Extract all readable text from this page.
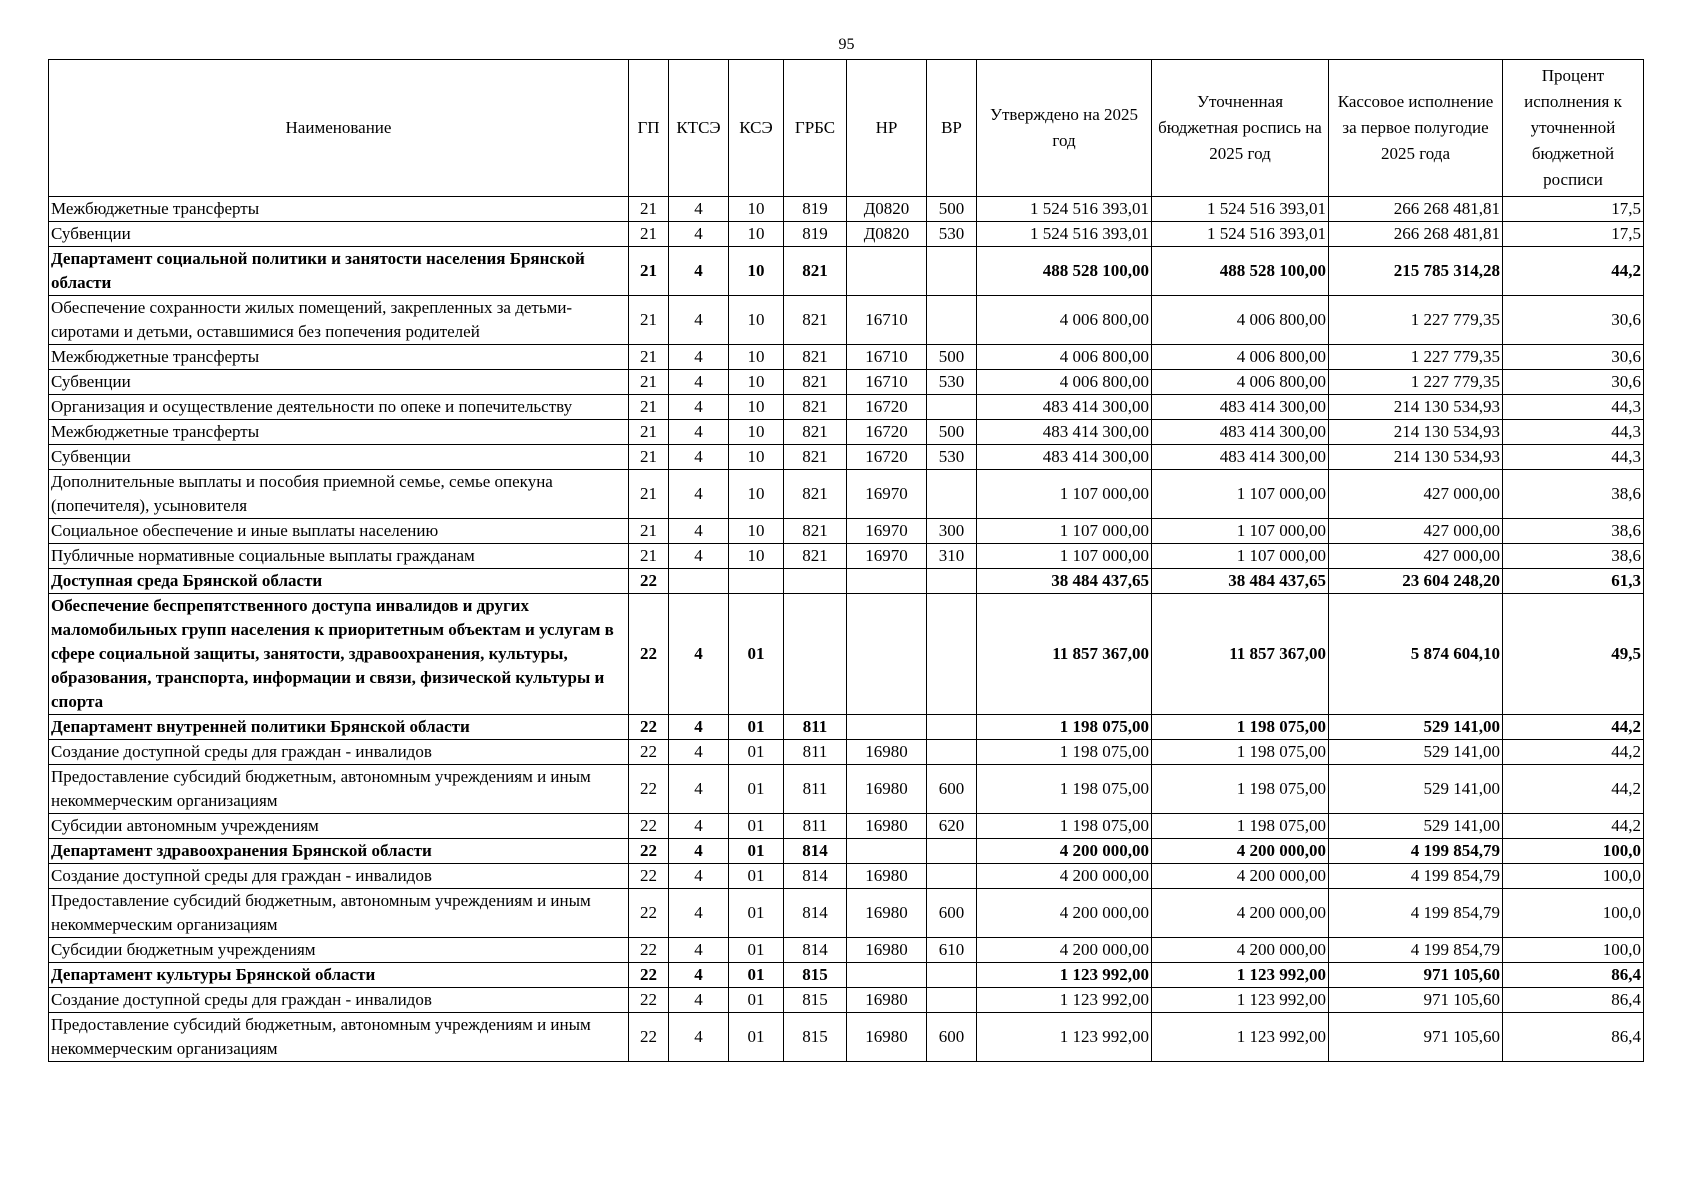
95
Наименование	ГП	КТСЭ	КСЭ	ГРБС	НР	ВР	Утверждено на 2025 год	Уточненная бюджетная роспись на 2025 год	Кассовое исполнение за первое полугодие 2025 года	Процент исполнения к уточненной бюджетной росписи
Межбюджетные трансферты	21	4	10	819	Д0820	500	1 524 516 393,01	1 524 516 393,01	266 268 481,81	17,5
Субвенции	21	4	10	819	Д0820	530	1 524 516 393,01	1 524 516 393,01	266 268 481,81	17,5
Департамент социальной политики и занятости населения Брянской области	21	4	10	821			488 528 100,00	488 528 100,00	215 785 314,28	44,2
Обеспечение сохранности жилых помещений, закрепленных за детьми-сиротами и детьми, оставшимися без попечения родителей	21	4	10	821	16710		4 006 800,00	4 006 800,00	1 227 779,35	30,6
Межбюджетные трансферты	21	4	10	821	16710	500	4 006 800,00	4 006 800,00	1 227 779,35	30,6
Субвенции	21	4	10	821	16710	530	4 006 800,00	4 006 800,00	1 227 779,35	30,6
Организация и осуществление деятельности по опеке и попечительству	21	4	10	821	16720		483 414 300,00	483 414 300,00	214 130 534,93	44,3
Межбюджетные трансферты	21	4	10	821	16720	500	483 414 300,00	483 414 300,00	214 130 534,93	44,3
Субвенции	21	4	10	821	16720	530	483 414 300,00	483 414 300,00	214 130 534,93	44,3
Дополнительные выплаты и пособия приемной семье, семье опекуна (попечителя), усыновителя	21	4	10	821	16970		1 107 000,00	1 107 000,00	427 000,00	38,6
Социальное обеспечение и иные выплаты населению	21	4	10	821	16970	300	1 107 000,00	1 107 000,00	427 000,00	38,6
Публичные нормативные социальные выплаты гражданам	21	4	10	821	16970	310	1 107 000,00	1 107 000,00	427 000,00	38,6
Доступная среда Брянской области	22						38 484 437,65	38 484 437,65	23 604 248,20	61,3
Обеспечение беспрепятственного доступа инвалидов и других маломобильных групп населения к приоритетным объектам и услугам в сфере социальной защиты, занятости, здравоохранения, культуры, образования, транспорта, информации и связи, физической культуры и спорта	22	4	01				11 857 367,00	11 857 367,00	5 874 604,10	49,5
Департамент внутренней политики Брянской области	22	4	01	811			1 198 075,00	1 198 075,00	529 141,00	44,2
Создание доступной среды для граждан - инвалидов	22	4	01	811	16980		1 198 075,00	1 198 075,00	529 141,00	44,2
Предоставление субсидий бюджетным, автономным учреждениям и иным некоммерческим организациям	22	4	01	811	16980	600	1 198 075,00	1 198 075,00	529 141,00	44,2
Субсидии автономным учреждениям	22	4	01	811	16980	620	1 198 075,00	1 198 075,00	529 141,00	44,2
Департамент здравоохранения Брянской области	22	4	01	814			4 200 000,00	4 200 000,00	4 199 854,79	100,0
Создание доступной среды для граждан - инвалидов	22	4	01	814	16980		4 200 000,00	4 200 000,00	4 199 854,79	100,0
Предоставление субсидий бюджетным, автономным учреждениям и иным некоммерческим организациям	22	4	01	814	16980	600	4 200 000,00	4 200 000,00	4 199 854,79	100,0
Субсидии бюджетным учреждениям	22	4	01	814	16980	610	4 200 000,00	4 200 000,00	4 199 854,79	100,0
Департамент культуры Брянской области	22	4	01	815			1 123 992,00	1 123 992,00	971 105,60	86,4
Создание доступной среды для граждан - инвалидов	22	4	01	815	16980		1 123 992,00	1 123 992,00	971 105,60	86,4
Предоставление субсидий бюджетным, автономным учреждениям и иным некоммерческим организациям	22	4	01	815	16980	600	1 123 992,00	1 123 992,00	971 105,60	86,4
